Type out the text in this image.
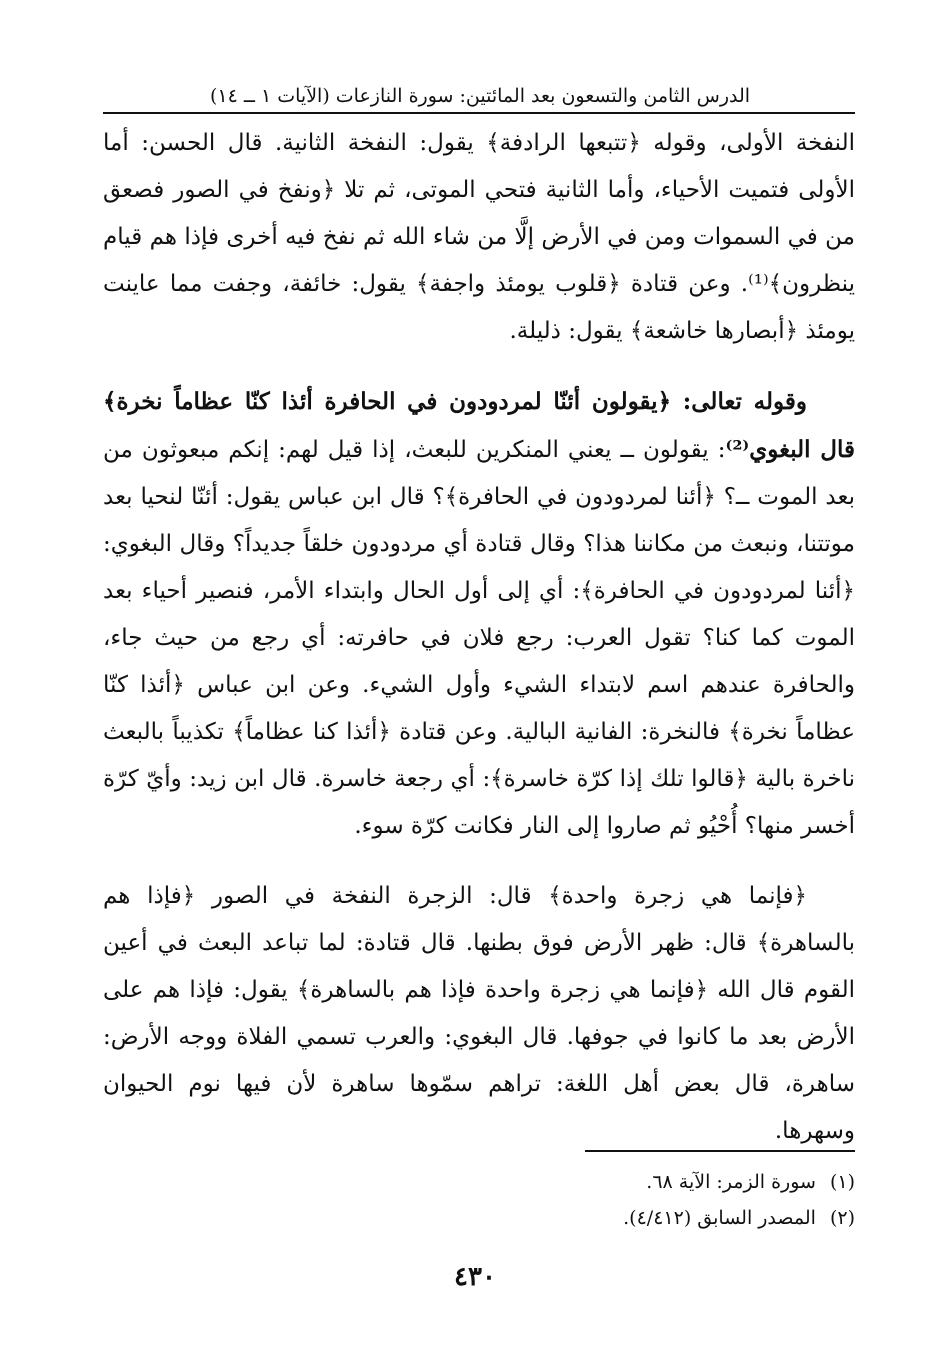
الدرس الثامن والتسعون بعد المائتين: سورة النازعات (الآيات ١ ــ ١٤)

النفخة الأولى، وقوله ﴿تتبعها الرادفة﴾ يقول: النفخة الثانية. قال الحسن: أما الأولى فتميت الأحياء، وأما الثانية فتحي الموتى، ثم تلا ﴿ونفخ في الصور فصعق من في السموات ومن في الأرض إلَّا من شاء الله ثم نفخ فيه أخرى فإذا هم قيام ينظرون﴾⁽¹⁾. وعن قتادة ﴿قلوب يومئذ واجفة﴾ يقول: خائفة، وجفت مما عاينت يومئذ ﴿أبصارها خاشعة﴾ يقول: ذليلة.

وقوله تعالى: ﴿يقولون أئنّا لمردودون في الحافرة أئذا كنّا عظاماً نخرة﴾ قال البغوي⁽²⁾: يقولون ــ يعني المنكرين للبعث، إذا قيل لهم: إنكم مبعوثون من بعد الموت ــ؟ ﴿أئنا لمردودون في الحافرة﴾؟ قال ابن عباس يقول: أئنّا لنحيا بعد موتتنا، ونبعث من مكاننا هذا؟ وقال قتادة أي مردودون خلقاً جديداً؟ وقال البغوي: ﴿أئنا لمردودون في الحافرة﴾: أي إلى أول الحال وابتداء الأمر، فنصير أحياء بعد الموت كما كنا؟ تقول العرب: رجع فلان في حافرته: أي رجع من حيث جاء، والحافرة عندهم اسم لابتداء الشيء وأول الشيء. وعن ابن عباس ﴿أئذا كنّا عظاماً نخرة﴾ فالنخرة: الفانية البالية. وعن قتادة ﴿أئذا كنا عظاماً﴾ تكذيباً بالبعث ناخرة بالية ﴿قالوا تلك إذا كرّة خاسرة﴾: أي رجعة خاسرة. قال ابن زيد: وأيّ كرّة أخسر منها؟ أُحْيُو ثم صاروا إلى النار فكانت كرّة سوء.

﴿فإنما هي زجرة واحدة﴾ قال: الزجرة النفخة في الصور ﴿فإذا هم بالساهرة﴾ قال: ظهر الأرض فوق بطنها. قال قتادة: لما تباعد البعث في أعين القوم قال الله ﴿فإنما هي زجرة واحدة فإذا هم بالساهرة﴾ يقول: فإذا هم على الأرض بعد ما كانوا في جوفها. قال البغوي: والعرب تسمي الفلاة ووجه الأرض: ساهرة، قال بعض أهل اللغة: تراهم سمّوها ساهرة لأن فيها نوم الحيوان وسهرها.

(١)سورة الزمر: الآية ٦٨.

(٢)المصدر السابق (٤/٤١٢).

٤٣٠
